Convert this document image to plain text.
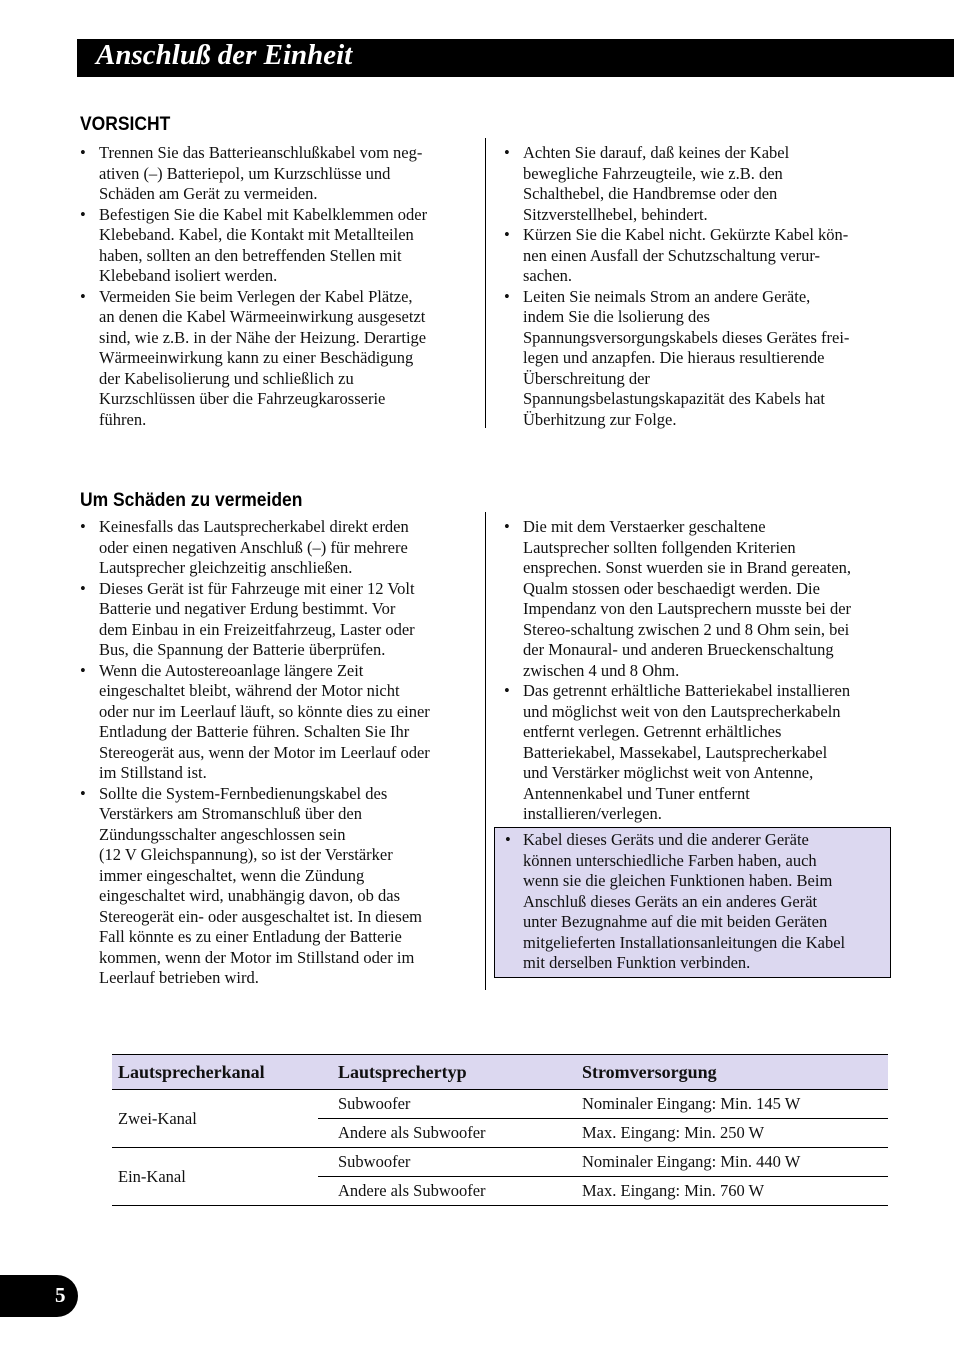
Anschluß der Einheit
VORSICHT
• Trennen Sie das Batterieanschlußkabel vom neg-
ativen (–) Batteriepol, um Kurzschlüsse und
Schäden am Gerät zu vermeiden.
• Befestigen Sie die Kabel mit Kabelklemmen oder
Klebeband. Kabel, die Kontakt mit Metallteilen
haben, sollten an den betreffenden Stellen mit
Klebeband isoliert werden.
• Vermeiden Sie beim Verlegen der Kabel Plätze,
an denen die Kabel Wärmeeinwirkung ausgesetzt
sind, wie z.B. in der Nähe der Heizung. Derartige
Wärmeeinwirkung kann zu einer Beschädigung
der Kabelisolierung und schließlich zu
Kurzschlüssen über die Fahrzeugkarosserie
führen.
• Achten Sie darauf, daß keines der Kabel
bewegliche Fahrzeugteile, wie z.B. den
Schalthebel, die Handbremse oder den
Sitzverstellhebel, behindert.
• Kürzen Sie die Kabel nicht. Gekürzte Kabel kön-
nen einen Ausfall der Schutzschaltung verur-
sachen.
• Leiten Sie neimals Strom an andere Geräte,
indem Sie die lsolierung des
Spannungsversorgungskabels dieses Gerätes frei-
legen und anzapfen. Die hieraus resultierende
Überschreitung der
Spannungsbelastungskapazität des Kabels hat
Überhitzung zur Folge.
Um Schäden zu vermeiden
• Keinesfalls das Lautsprecherkabel direkt erden
oder einen negativen Anschluß (–) für mehrere
Lautsprecher gleichzeitig anschließen.
• Dieses Gerät ist für Fahrzeuge mit einer 12 Volt
Batterie und negativer Erdung bestimmt. Vor
dem Einbau in ein Freizeitfahrzeug, Laster oder
Bus, die Spannung der Batterie überprüfen.
• Wenn die Autostereoanlage längere Zeit
eingeschaltet bleibt, während der Motor nicht
oder nur im Leerlauf läuft, so könnte dies zu einer
Entladung der Batterie führen. Schalten Sie Ihr
Stereogerät aus, wenn der Motor im Leerlauf oder
im Stillstand ist.
• Sollte die System-Fernbedienungskabel des
Verstärkers am Stromanschluß über den
Zündungsschalter angeschlossen sein
(12 V Gleichspannung), so ist der Verstärker
immer eingeschaltet, wenn die Zündung
eingeschaltet wird, unabhängig davon, ob das
Stereogerät ein- oder ausgeschaltet ist. In diesem
Fall könnte es zu einer Entladung der Batterie
kommen, wenn der Motor im Stillstand oder im
Leerlauf betrieben wird.
• Die mit dem Verstaerker geschaltene
Lautsprecher sollten follgenden Kriterien
ensprechen. Sonst wuerden sie in Brand gereaten,
Qualm stossen oder beschaedigt werden. Die
Impendanz von den Lautsprechern musste bei der
Stereo-schaltung zwischen 2 und 8 Ohm sein, bei
der Monaural- und anderen Brueckenschaltung
zwischen 4 und 8 Ohm.
• Das getrennt erhältliche Batteriekabel installieren
und möglichst weit von den Lautsprecherkabeln
entfernt verlegen. Getrennt erhältliches
Batteriekabel, Massekabel, Lautsprecherkabel
und Verstärker möglichst weit von Antenne,
Antennenkabel und Tuner entfernt
installieren/verlegen.
• Kabel dieses Geräts und die anderer Geräte
können unterschiedliche Farben haben, auch
wenn sie die gleichen Funktionen haben. Beim
Anschluß dieses Geräts an ein anderes Gerät
unter Bezugnahme auf die mit beiden Geräten
mitgelieferten Installationsanleitungen die Kabel
mit derselben Funktion verbinden.
Lautsprecherkanal	Lautsprechertyp	Stromversorgung
Zwei-Kanal	Subwoofer	Nominaler Eingang: Min. 145 W
	Andere als Subwoofer	Max. Eingang: Min. 250 W
Ein-Kanal	Subwoofer	Nominaler Eingang: Min. 440 W
	Andere als Subwoofer	Max. Eingang: Min. 760 W
5
